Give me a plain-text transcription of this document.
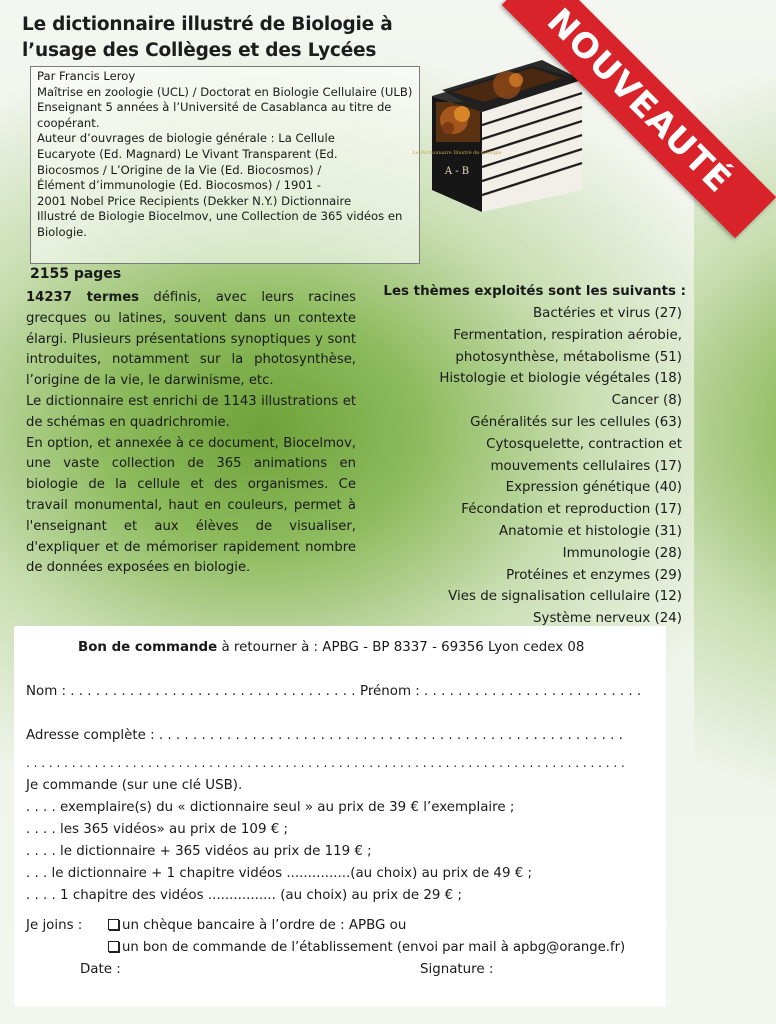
Le dictionnaire illustré de Biologie à
l’usage des Collèges et des Lycées
Par Francis Leroy
Maîtrise en zoologie (UCL) / Doctorat en Biologie Cellulaire (ULB)
Enseignant 5 années à l’Université de Casablanca au titre de
coopérant.
Auteur d’ouvrages de biologie générale : La Cellule
Eucaryote (Ed. Magnard) Le Vivant Transparent (Ed.
Biocosmos / L’Origine de la Vie (Ed. Biocosmos) /
Élément d’immunologie (Ed. Biocosmos) / 1901 -
2001 Nobel Price Recipients (Dekker N.Y.) Dictionnaire
Illustré de Biologie Biocelmov, une Collection de 365 vidéos en
Biologie.
Le Dictionnaire Illustré de Biologie
A - B NOUVEAUTÉ
2155 pages

14237 termes définis, avec leurs racines grecques ou latines, souvent dans un contexte élargi. Plusieurs présentations synoptiques y sont introduites, notamment sur la photosynthèse, l’origine de la vie, le darwinisme, etc.

Le dictionnaire est enrichi de 1143 illustrations et de schémas en quadrichromie.

En option, et annexée à ce document, Biocelmov, une vaste collection de 365 animations en biologie de la cellule et des organismes. Ce travail monumental, haut en couleurs, permet à l'enseignant et aux élèves de visualiser, d'expliquer et de mémoriser rapidement nombre de données exposées en biologie.

Les thèmes exploités sont les suivants :
Bactéries et virus (27)
Fermentation, respiration aérobie,
photosynthèse, métabolisme (51)
Histologie et biologie végétales (18)
Cancer (8)
Généralités sur les cellules (63)
Cytosquelette, contraction et
mouvements cellulaires (17)
Expression génétique (40)
Fécondation et reproduction (17)
Anatomie et histologie (31)
Immunologie (28)
Protéines et enzymes (29)
Vies de signalisation cellulaire (12)
Système nerveux (24)
Bon de commande à retourner à : APBG - BP 8337 - 69356 Lyon cedex 08
Nom : . . . . . . . . . . . . . . . . . . . . . . . . . . . . . . . . . . . .
Prénom : . . . . . . . . . . . . . . . . . . . . . . . . . .
Adresse complète : . . . . . . . . . . . . . . . . . . . . . . . . . . . . . . . . . . . . . . . . . . . . . . . . . . . . . . .
. . . . . . . . . . . . . . . . . . . . . . . . . . . . . . . . . . . . . . . . . . . . . . . . . . . . . . . . . . . . . . . . . . . . . . . . . . . . . . .
Je commande (sur une clé USB).
. . . . exemplaire(s) du « dictionnaire seul » au prix de 39 € l’exemplaire ;
. . . . les 365 vidéos» au prix de 109 € ;
. . . . le dictionnaire + 365 vidéos au prix de 119 € ;
. . . le dictionnaire + 1 chapitre vidéos ...............(au choix) au prix de 49 € ;
. . . . 1 chapitre des vidéos ................ (au choix) au prix de 29 € ;
Je joins :	un chèque bancaire à l’ordre de : APBG ou
un bon de commande de l’établissement (envoi par mail à apbg@orange.fr)
Date :	Signature :
